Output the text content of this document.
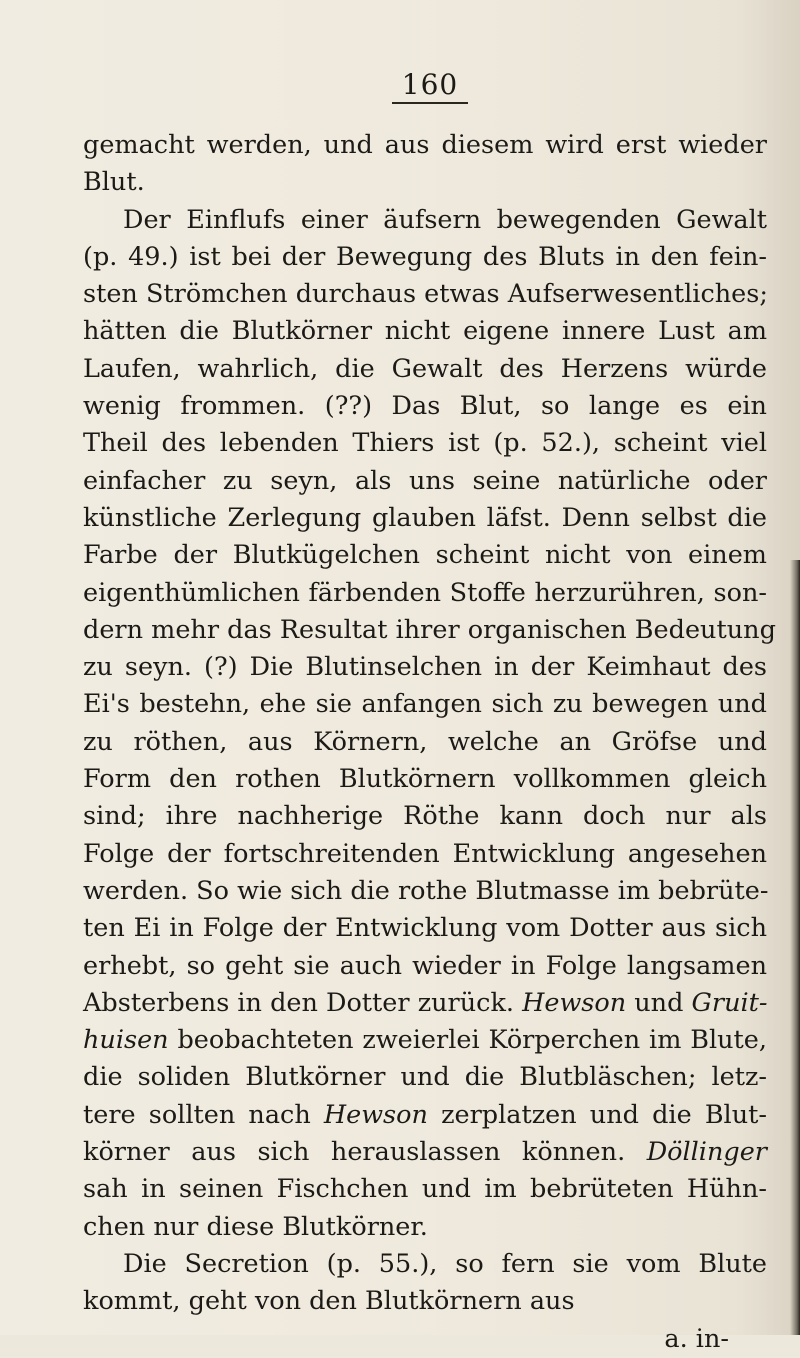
160
gemacht werden, und aus diesem wird erst wieder
Blut.
Der Einflufs einer äufsern bewegenden Gewalt
(p. 49.) ist bei der Bewegung des Bluts in den fein-
sten Strömchen durchaus etwas Aufserwesentliches;
hätten die Blutkörner nicht eigene innere Lust am
Laufen, wahrlich, die Gewalt des Herzens würde
wenig frommen. (??) Das Blut, so lange es ein
Theil des lebenden Thiers ist (p. 52.), scheint viel
einfacher zu seyn, als uns seine natürliche oder
künstliche Zerlegung glauben läfst. Denn selbst die
Farbe der Blutkügelchen scheint nicht von einem
eigenthümlichen färbenden Stoffe herzurühren, son-
dern mehr das Resultat ihrer organischen Bedeutung
zu seyn. (?) Die Blutinselchen in der Keimhaut des
Ei's bestehn, ehe sie anfangen sich zu bewegen und
zu röthen, aus Körnern, welche an Gröfse und
Form den rothen Blutkörnern vollkommen gleich
sind; ihre nachherige Röthe kann doch nur als
Folge der fortschreitenden Entwicklung angesehen
werden. So wie sich die rothe Blutmasse im bebrüte-
ten Ei in Folge der Entwicklung vom Dotter aus sich
erhebt, so geht sie auch wieder in Folge langsamen
Absterbens in den Dotter zurück. Hewson und Gruit-
huisen beobachteten zweierlei Körperchen im Blute,
die soliden Blutkörner und die Blutbläschen; letz-
tere sollten nach Hewson zerplatzen und die Blut-
körner aus sich herauslassen können. Döllinger
sah in seinen Fischchen und im bebrüteten Hühn-
chen nur diese Blutkörner.
Die Secretion (p. 55.), so fern sie vom Blute
kommt, geht von den Blutkörnern aus
a. in-
